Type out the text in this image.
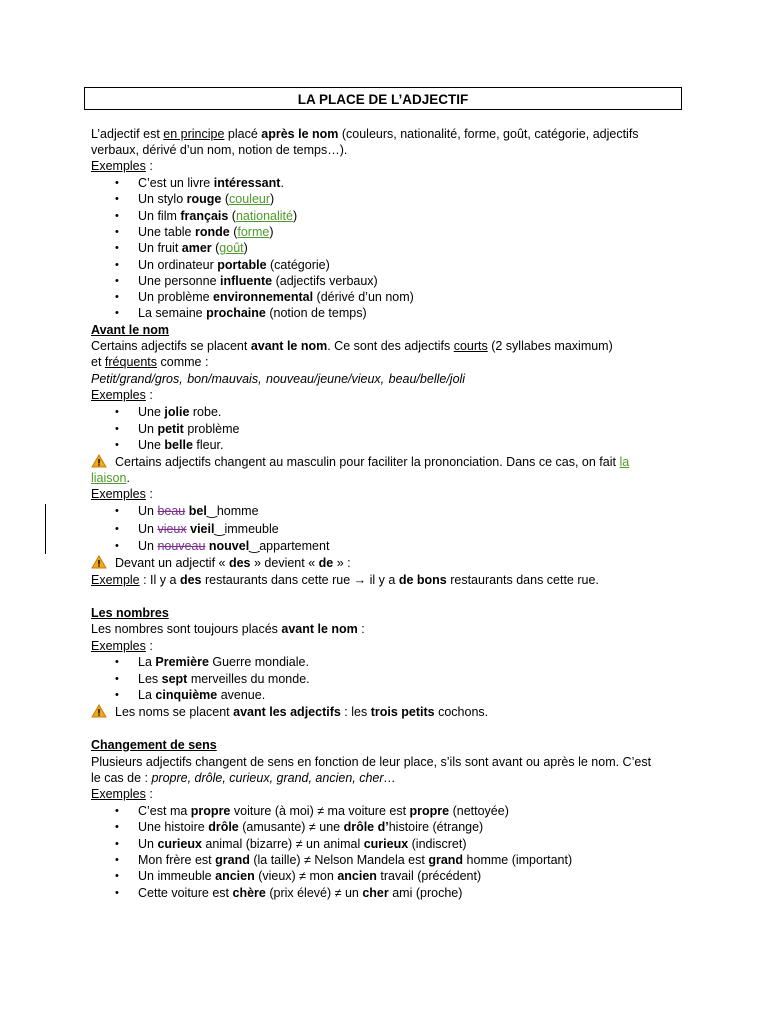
LA PLACE DE L’ADJECTIF
L’adjectif est en principe placé après le nom (couleurs, nationalité, forme, goût, catégorie, adjectifs
verbaux, dérivé d’un nom, notion de temps…).
Exemples :
• C’est un livre intéressant.
• Un stylo rouge (couleur)
• Un film français (nationalité)
• Une table ronde (forme)
• Un fruit amer (goût)
• Un ordinateur portable (catégorie)
• Une personne influente (adjectifs verbaux)
• Un problème environnemental (dérivé d’un nom)
• La semaine prochaine (notion de temps)
Avant le nom
Certains adjectifs se placent avant le nom. Ce sont des adjectifs courts (2 syllabes maximum)
et fréquents comme :
Petit/grand/gros, bon/mauvais, nouveau/jeune/vieux, beau/belle/joli
Exemples :
• Une jolie robe.
• Un petit problème
• Une belle fleur.
Certains adjectifs changent au masculin pour faciliter la prononciation. Dans ce cas, on fait la
liaison.
Exemples :
• Un beau bel‿homme
• Un vieux vieil‿immeuble
• Un nouveau nouvel‿appartement
Devant un adjectif « des » devient « de » :
Exemple : Il y a des restaurants dans cette rue → il y a de bons restaurants dans cette rue.
Les nombres
Les nombres sont toujours placés avant le nom :
Exemples :
• La Première Guerre mondiale.
• Les sept merveilles du monde.
• La cinquième avenue.
Les noms se placent avant les adjectifs : les trois petits cochons.
Changement de sens
Plusieurs adjectifs changent de sens en fonction de leur place, s’ils sont avant ou après le nom. C’est
le cas de : propre, drôle, curieux, grand, ancien, cher…
Exemples :
• C’est ma propre voiture (à moi) ≠ ma voiture est propre (nettoyée)
• Une histoire drôle (amusante) ≠ une drôle d’histoire (étrange)
• Un curieux animal (bizarre) ≠ un animal curieux (indiscret)
• Mon frère est grand (la taille) ≠ Nelson Mandela est grand homme (important)
• Un immeuble ancien (vieux) ≠ mon ancien travail (précédent)
• Cette voiture est chère (prix élevé) ≠ un cher ami (proche)
